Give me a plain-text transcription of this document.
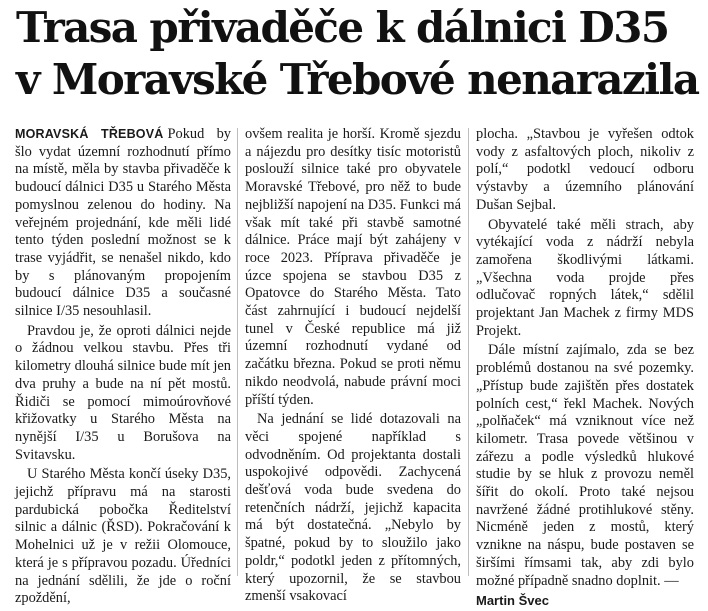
Trasa přivaděče k dálnici D35
v Moravské Třebové nenarazila

MORAVSKÁ TŘEBOVÁ Pokud by šlo vydat územní rozhodnutí přímo na místě, měla by stavba přivaděče k budoucí dálnici D35 u Starého Města pomyslnou zelenou do hodiny. Na veřejném projednání, kde měli lidé tento týden poslední možnost se k trase vyjádřit, se nenašel nikdo, kdo by s plánovaným propojením budoucí dálnice D35 a současné silnice I/35 nesouhlasil.

Pravdou je, že oproti dálnici nejde o žádnou velkou stavbu. Přes tři kilometry dlouhá silnice bude mít jen dva pruhy a bude na ní pět mostů. Řidiči se pomocí mimoúrovňové křižovatky u Starého Města na nynější I/35 u Borušova na Svitavsku.

U Starého Města končí úseky D35, jejichž přípravu má na starosti pardubická pobočka Ředitelství silnic a dálnic (ŘSD). Pokračování k Mohelnici už je v režii Olomouce, která je s přípravou pozadu. Úředníci na jednání sdělili, že jde o roční zpoždění,

ovšem realita je horší. Kromě sjezdu a nájezdu pro desítky tisíc motoristů poslouží silnice také pro obyvatele Moravské Třebové, pro něž to bude nejbližší napojení na D35. Funkci má však mít také při stavbě samotné dálnice. Práce mají být zahájeny v roce 2023. Příprava přivaděče je úzce spojena se stavbou D35 z Opatovce do Starého Města. Tato část zahrnující i budoucí nejdelší tunel v České republice má již územní rozhodnutí vydané od začátku března. Pokud se proti němu nikdo neodvolá, nabude právní moci příští týden.

Na jednání se lidé dotazovali na věci spojené například s odvodněním. Od projektanta dostali uspokojivé odpovědi. Zachycená dešťová voda bude svedena do retenčních nádrží, jejichž kapacita má být dostatečná. „Nebylo by špatné, pokud by to sloužilo jako poldr,“ podotkl jeden z přítomných, který upozornil, že se stavbou zmenší vsakovací

plocha. „Stavbou je vyřešen odtok vody z asfaltových ploch, nikoliv z polí,“ podotkl vedoucí odboru výstavby a územního plánování Dušan Sejbal.

Obyvatelé také měli strach, aby vytékající voda z nádrží nebyla zamořena škodlivými látkami. „Všechna voda projde přes odlučovač ropných látek,“ sdělil projektant Jan Machek z firmy MDS Projekt.

Dále místní zajímalo, zda se bez problémů dostanou na své pozemky. „Přístup bude zajištěn přes dostatek polních cest,“ řekl Machek. Nových „polňaček“ má vzniknout více než kilometr. Trasa povede většinou v zářezu a podle výsledků hlukové studie by se hluk z provozu neměl šířit do okolí. Proto také nejsou navržené žádné protihlukové stěny. Nicméně jeden z mostů, který vznikne na náspu, bude postaven se širšími římsami tak, aby zdi bylo možné případně snadno doplnit. —

Martin Švec
